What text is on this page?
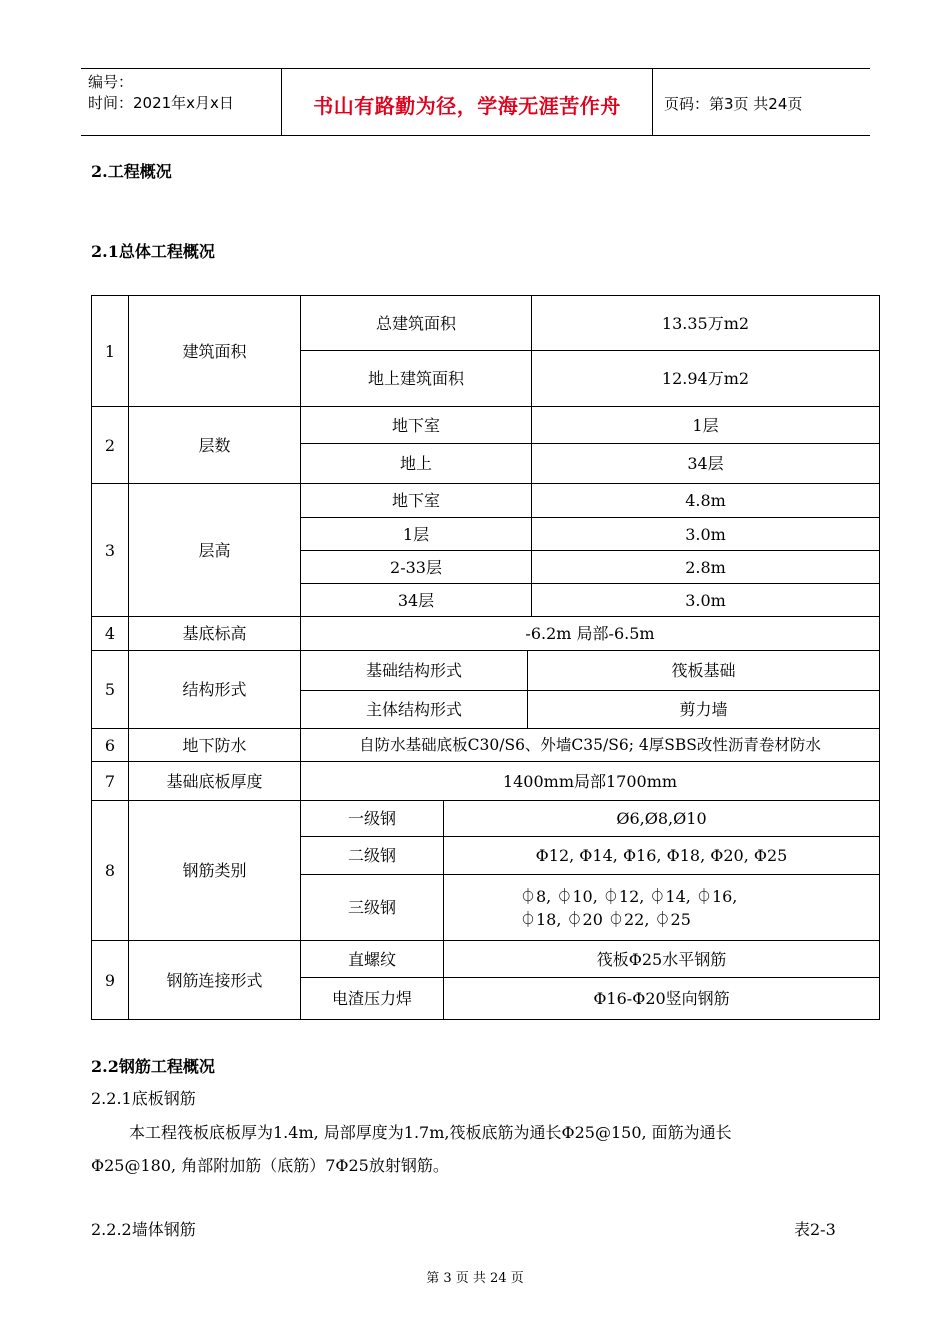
编号：
时间：2021年x月x日	书山有路勤为径，学海无涯苦作舟	页码：第3页 共24页
2.工程概况
2.1总体工程概况
1	建筑面积	总建筑面积			13.35万m2
		地上建筑面积			12.94万m2
2	层数	地下室			1层
		地上			34层
3	层高	地下室			4.8m
		1层			3.0m
		2-33层			2.8m
		34层			3.0m
4	基底标高	-6.2m 局部-6.5m			
5	结构形式	基础结构形式		筏板基础	
		主体结构形式		剪力墙	
6	地下防水	自防水基础底板C30/S6、外墙C35/S6; 4厚SBS改性沥青卷材防水			
7	基础底板厚度	1400mm局部1700mm			
8	钢筋类别	一级钢	Ø6,Ø8,Ø10		
		二级钢	Φ12, Φ14, Φ16, Φ18, Φ20, Φ25		
		三级钢	⏀8, ⏀10, ⏀12, ⏀14, ⏀16,
⏀18, ⏀20 ⏀22, ⏀25		

9	钢筋连接形式	直螺纹	筏板Φ25水平钢筋		
		电渣压力焊	Φ16-Φ20竖向钢筋		
2.2钢筋工程概况
2.2.1底板钢筋
本工程筏板底板厚为1.4m, 局部厚度为1.7m,筏板底筋为通长Φ25@150, 面筋为通长
Φ25@180, 角部附加筋（底筋）7Φ25放射钢筋。
2.2.2墙体钢筋	表2-3
第 3 页 共 24 页
